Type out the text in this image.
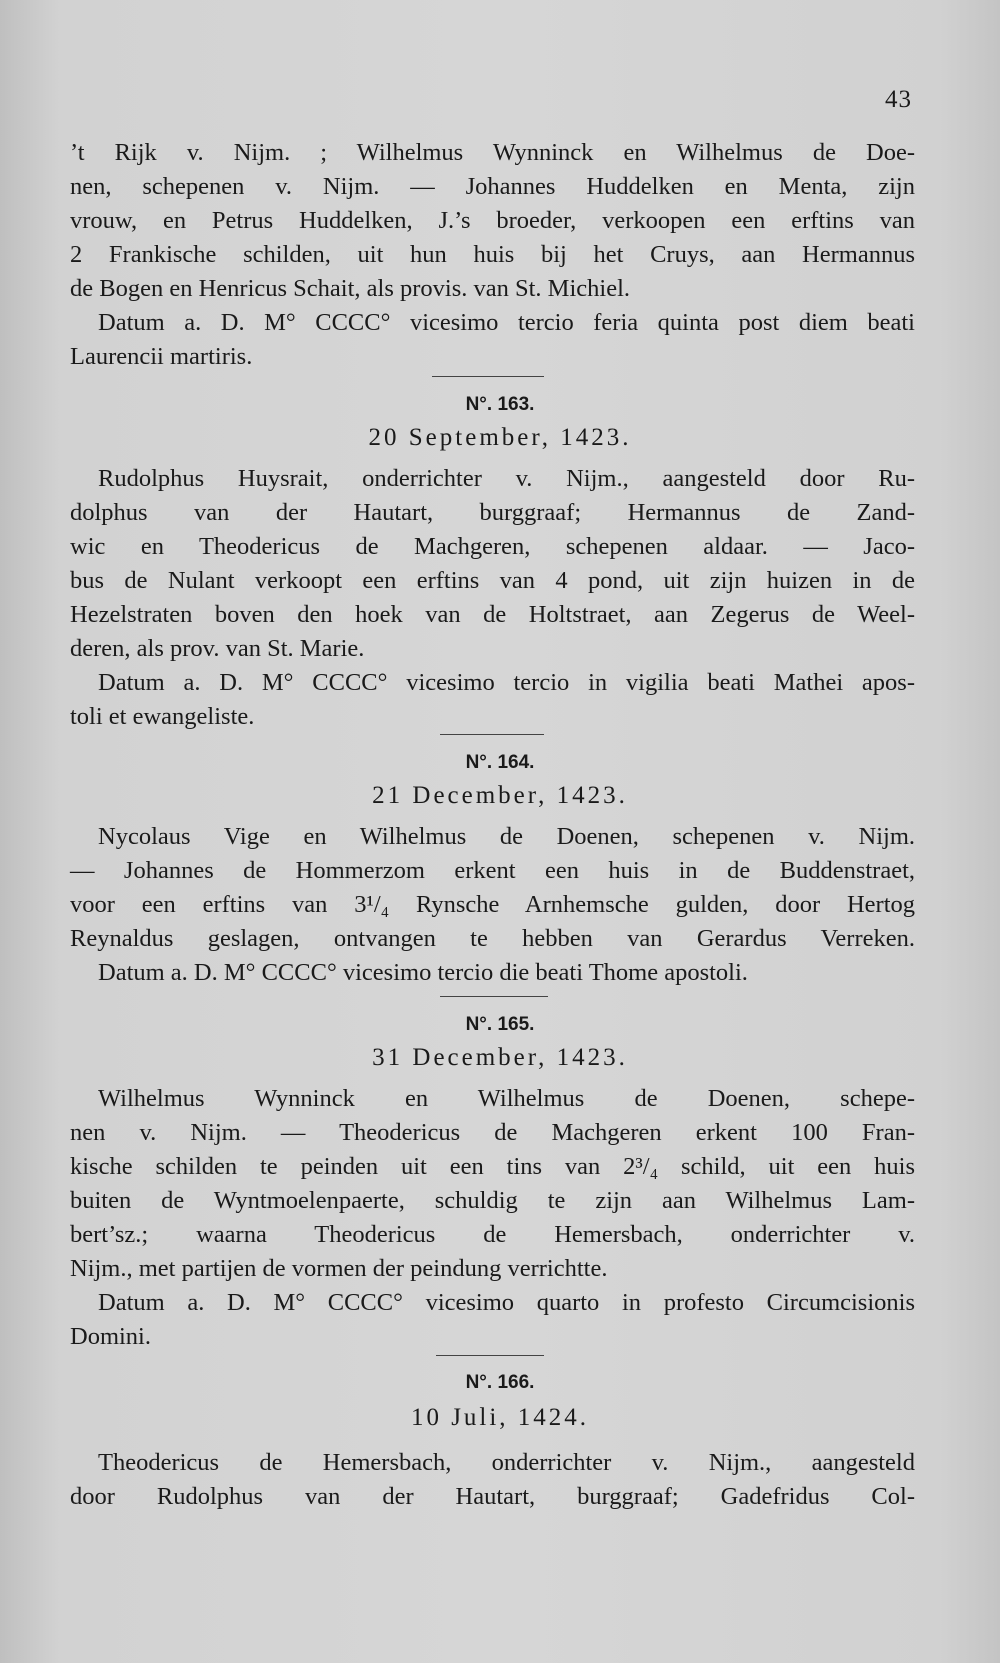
43
’t Rijk v. Nijm. ; Wilhelmus Wynninck en Wilhelmus de Doe-
nen, schepenen v. Nijm. — Johannes Huddelken en Menta, zijn
vrouw, en Petrus Huddelken, J.’s broeder, verkoopen een erftins van
2 Frankische schilden, uit hun huis bij het Cruys, aan Hermannus
de Bogen en Henricus Schait, als provis. van St. Michiel.
Datum a. D. M° CCCC° vicesimo tercio feria quinta post diem beati
Laurencii martiris.
N°. 163.
20 September, 1423.
Rudolphus Huysrait, onderrichter v. Nijm., aangesteld door Ru-
dolphus van der Hautart, burggraaf; Hermannus de Zand-
wic en Theodericus de Machgeren, schepenen aldaar. — Jaco-
bus de Nulant verkoopt een erftins van 4 pond, uit zijn huizen in de
Hezelstraten boven den hoek van de Holtstraet, aan Zegerus de Weel-
deren, als prov. van St. Marie.
Datum a. D. M° CCCC° vicesimo tercio in vigilia beati Mathei apos-
toli et ewangeliste.
N°. 164.
21 December, 1423.
Nycolaus Vige en Wilhelmus de Doenen, schepenen v. Nijm.
— Johannes de Hommerzom erkent een huis in de Buddenstraet,
voor een erftins van 3¹/₄ Rynsche Arnhemsche gulden, door Hertog
Reynaldus geslagen, ontvangen te hebben van Gerardus Verreken.
Datum a. D. M° CCCC° vicesimo tercio die beati Thome apostoli.
N°. 165.
31 December, 1423.
Wilhelmus Wynninck en Wilhelmus de Doenen, schepe-
nen v. Nijm. — Theodericus de Machgeren erkent 100 Fran-
kische schilden te peinden uit een tins van 2³/₄ schild, uit een huis
buiten de Wyntmoelenpaerte, schuldig te zijn aan Wilhelmus Lam-
bert’sz.; waarna Theodericus de Hemersbach, onderrichter v.
Nijm., met partijen de vormen der peindung verrichtte.
Datum a. D. M° CCCC° vicesimo quarto in profesto Circumcisionis
Domini.
N°. 166.
10 Juli, 1424.
Theodericus de Hemersbach, onderrichter v. Nijm., aangesteld
door Rudolphus van der Hautart, burggraaf; Gadefridus Col-
